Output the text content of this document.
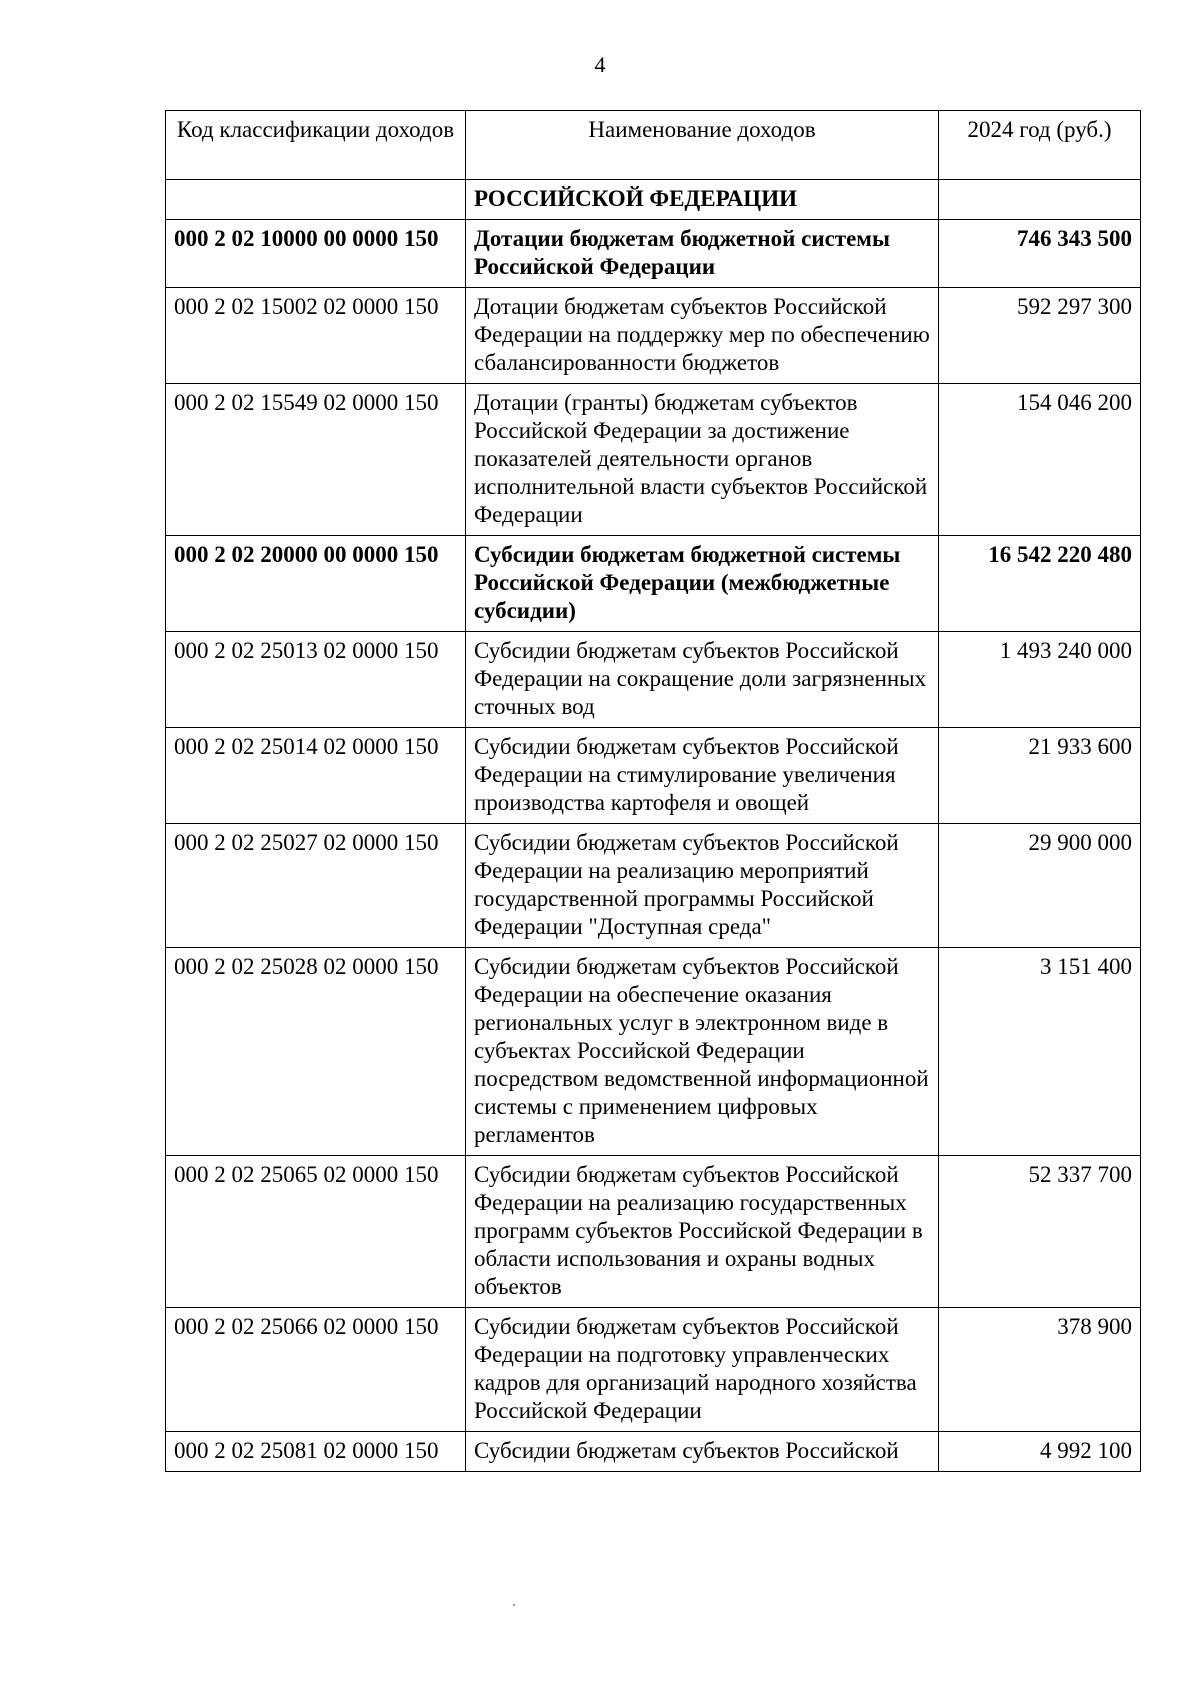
4
Код классификации доходов	Наименование доходов	2024 год (руб.)
	РОССИЙСКОЙ ФЕДЕРАЦИИ	
000 2 02 10000 00 0000 150	Дотации бюджетам бюджетной системы Российской Федерации	746 343 500
000 2 02 15002 02 0000 150	Дотации бюджетам субъектов Российской Федерации на поддержку мер по обеспечению сбалансированности бюджетов	592 297 300
000 2 02 15549 02 0000 150	Дотации (гранты) бюджетам субъектов Российской Федерации за достижение показателей деятельности органов исполнительной власти субъектов Российской Федерации	154 046 200
000 2 02 20000 00 0000 150	Субсидии бюджетам бюджетной системы Российской Федерации (межбюджетные субсидии)	16 542 220 480
000 2 02 25013 02 0000 150	Субсидии бюджетам субъектов Российской Федерации на сокращение доли загрязненных сточных вод	1 493 240 000
000 2 02 25014 02 0000 150	Субсидии бюджетам субъектов Российской Федерации на стимулирование увеличения производства картофеля и овощей	21 933 600
000 2 02 25027 02 0000 150	Субсидии бюджетам субъектов Российской Федерации на реализацию мероприятий государственной программы Российской Федерации "Доступная среда"	29 900 000
000 2 02 25028 02 0000 150	Субсидии бюджетам субъектов Российской Федерации на обеспечение оказания региональных услуг в электронном виде в субъектах Российской Федерации посредством ведомственной информационной системы с применением цифровых регламентов	3 151 400
000 2 02 25065 02 0000 150	Субсидии бюджетам субъектов Российской Федерации на реализацию государственных программ субъектов Российской Федерации в области использования и охраны водных объектов	52 337 700
000 2 02 25066 02 0000 150	Субсидии бюджетам субъектов Российской Федерации на подготовку управленческих кадров для организаций народного хозяйства Российской Федерации	378 900
000 2 02 25081 02 0000 150	Субсидии бюджетам субъектов Российской	4 992 100
